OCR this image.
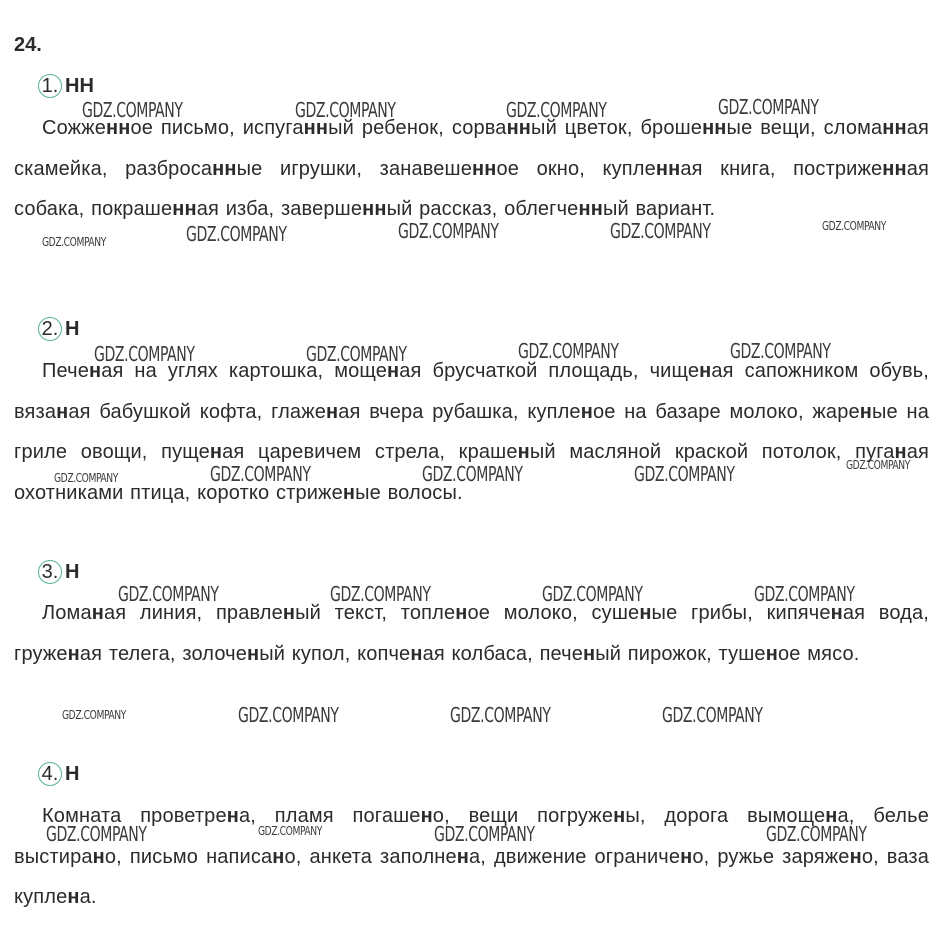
24.
1. НН

Сожженное письмо, испуганный ребенок, сорванный цветок, брошенные вещи, сломанная скамейка, разбросанные игрушки, занавешенное окно, купленная книга, постриженная собака, покрашенная изба, завершенный рассказ, облегченный вариант.

2. Н

Печеная на углях картошка, мощеная брусчаткой площадь, чищеная сапожником обувь, вязаная бабушкой кофта, глаженая вчера рубашка, купленое на базаре молоко, жареные на гриле овощи, пущеная царевичем стрела, крашеный масляной краской потолок, пуганая охотниками птица, коротко стриженые волосы.

3. Н

Ломаная линия, правленый текст, топленое молоко, сушеные грибы, кипяченая вода, груженая телега, золоченый купол, копченая колбаса, печеный пирожок, тушеное мясо.

4. Н

Комната проветрена, пламя погашено, вещи погружены, дорога вымощена, белье выстирано, письмо написано, анкета заполнена, движение ограничено, ружье заряжено, ваза куплена.

GDZ.COMPANY	GDZ.COMPANY	GDZ.COMPANY	GDZ.COMPANY
GDZ.COMPANY	GDZ.COMPANY	GDZ.COMPANY	GDZ.COMPANY	GDZ.COMPANY
GDZ.COMPANY	GDZ.COMPANY	GDZ.COMPANY	GDZ.COMPANY
GDZ.COMPANY	GDZ.COMPANY	GDZ.COMPANY	GDZ.COMPANY	GDZ.COMPANY
GDZ.COMPANY	GDZ.COMPANY	GDZ.COMPANY	GDZ.COMPANY
GDZ.COMPANY	GDZ.COMPANY	GDZ.COMPANY	GDZ.COMPANY
GDZ.COMPANY	GDZ.COMPANY	GDZ.COMPANY	GDZ.COMPANY
